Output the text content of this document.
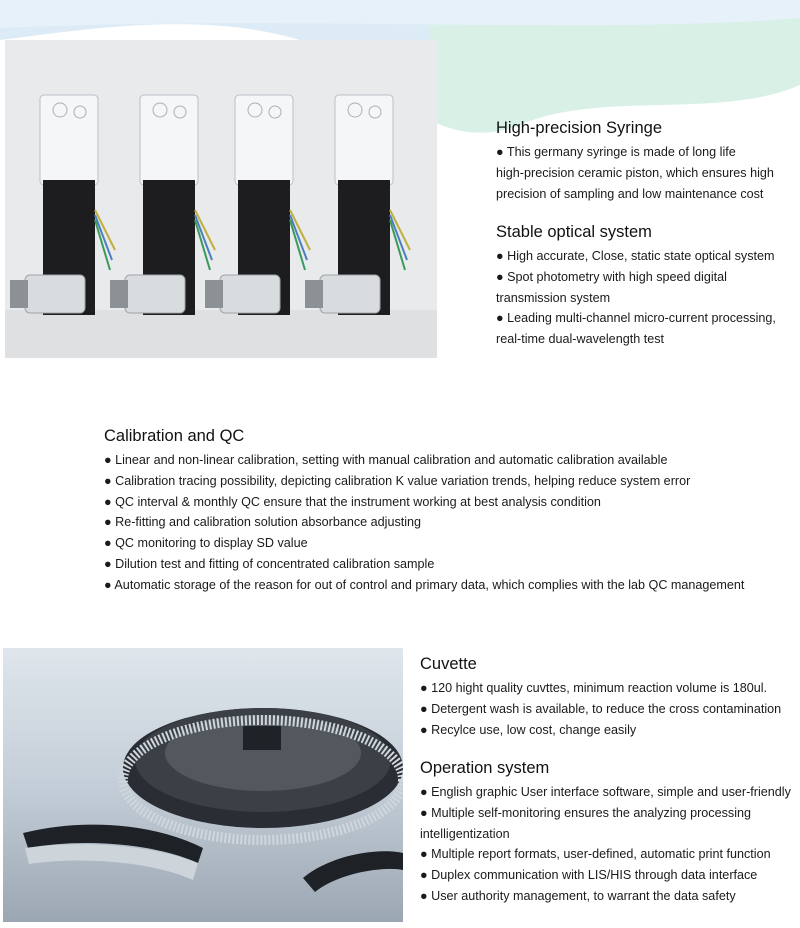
High-precision Syringe

● This germany syringe is made of long life

high-precision ceramic piston, which ensures high

precision of sampling and low maintenance cost

Stable optical system

● High accurate, Close, static state optical system

● Spot photometry with high speed digital

transmission system

● Leading multi-channel micro-current processing,

real-time dual-wavelength test

Calibration and QC

● Linear and non-linear calibration, setting with manual calibration and automatic calibration available

● Calibration tracing possibility, depicting calibration K value variation trends, helping reduce system error

● QC interval & monthly QC ensure that the instrument working at best analysis condition

● Re-fitting and calibration solution absorbance adjusting

● QC monitoring to display SD value

● Dilution test and fitting of concentrated calibration sample

● Automatic storage of the reason for out of control and primary data, which complies with the lab QC management

Cuvette

● 120 hight quality cuvttes, minimum reaction volume is 180ul.

● Detergent wash is available, to reduce the cross contamination

● Recylce use, low cost, change easily

Operation system

● English graphic User interface software, simple and user-friendly

● Multiple self-monitoring ensures the analyzing processing

intelligentization

● Multiple report formats, user-defined, automatic print function

● Duplex communication with LIS/HIS through data interface

● User authority management, to warrant the data safety
